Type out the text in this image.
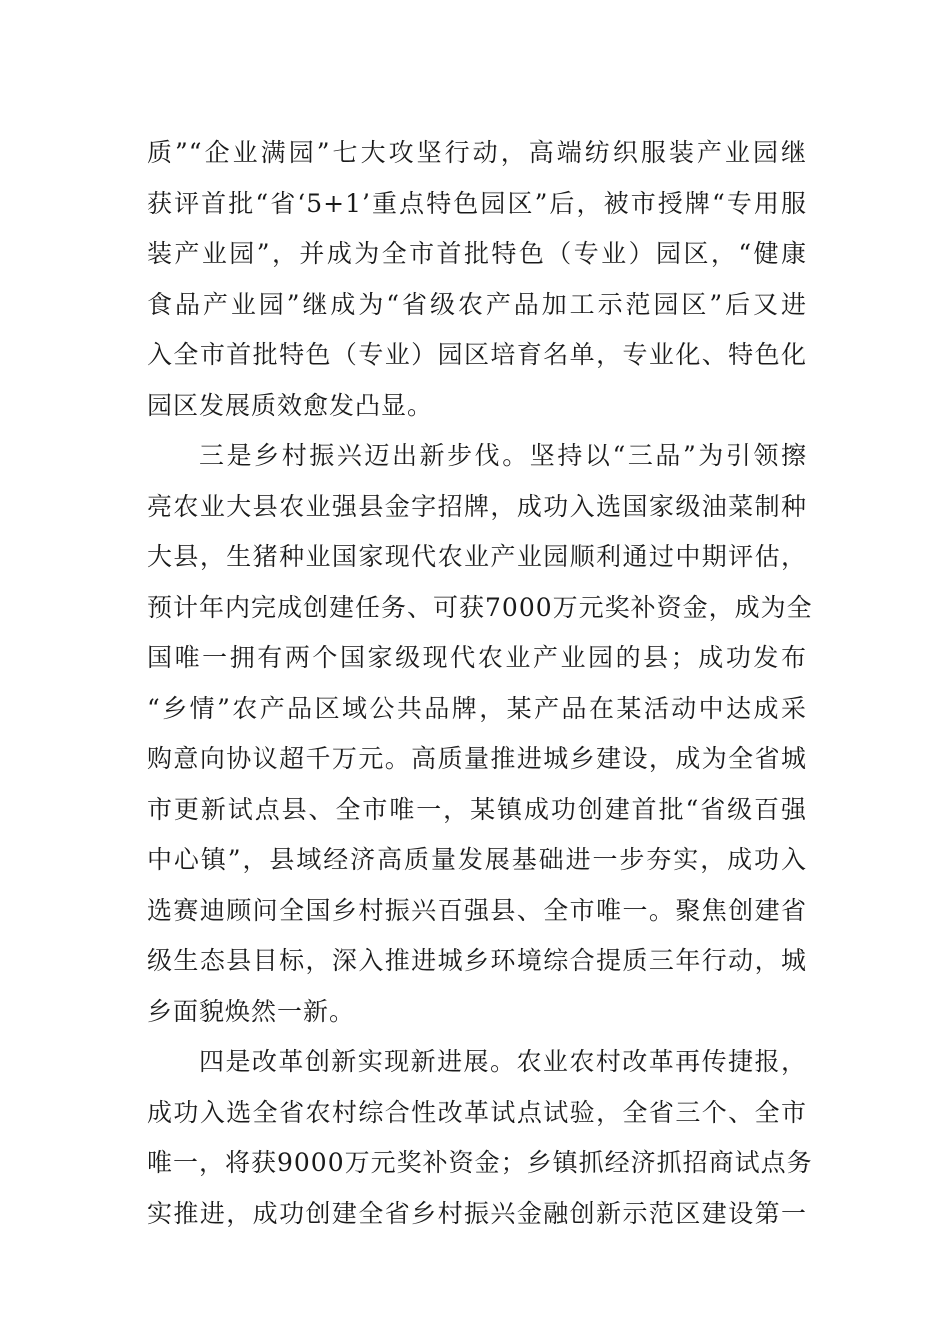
质”“企业满园”七大攻坚行动，高端纺织服装产业园继
获评首批“省‘5+1’重点特色园区”后，被市授牌“专用服
装产业园”，并成为全市首批特色（专业）园区，“健康
食品产业园”继成为“省级农产品加工示范园区”后又进
入全市首批特色（专业）园区培育名单，专业化、特色化
园区发展质效愈发凸显。
三是乡村振兴迈出新步伐。坚持以“三品”为引领擦
亮农业大县农业强县金字招牌，成功入选国家级油菜制种
大县，生猪种业国家现代农业产业园顺利通过中期评估，
预计年内完成创建任务、可获7000万元奖补资金，成为全
国唯一拥有两个国家级现代农业产业园的县；成功发布
“乡情”农产品区域公共品牌，某产品在某活动中达成采
购意向协议超千万元。高质量推进城乡建设，成为全省城
市更新试点县、全市唯一，某镇成功创建首批“省级百强
中心镇”，县域经济高质量发展基础进一步夯实，成功入
选赛迪顾问全国乡村振兴百强县、全市唯一。聚焦创建省
级生态县目标，深入推进城乡环境综合提质三年行动，城
乡面貌焕然一新。
四是改革创新实现新进展。农业农村改革再传捷报，
成功入选全省农村综合性改革试点试验，全省三个、全市
唯一，将获9000万元奖补资金；乡镇抓经济抓招商试点务
实推进，成功创建全省乡村振兴金融创新示范区建设第一
